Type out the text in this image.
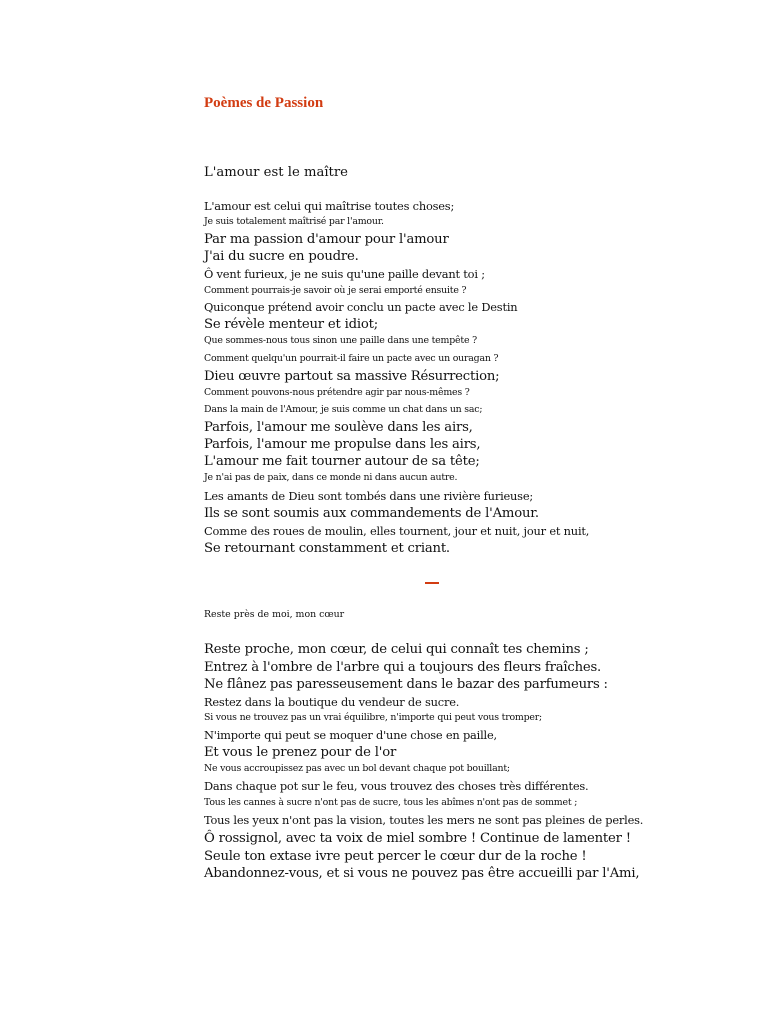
Poèmes de Passion
L'amour est le maître
L'amour est celui qui maîtrise toutes choses;
Je suis totalement maîtrisé par l'amour.
Par ma passion d'amour pour l'amour
J'ai du sucre en poudre.
Ô vent furieux, je ne suis qu'une paille devant toi ;
Comment pourrais-je savoir où je serai emporté ensuite ?
Quiconque prétend avoir conclu un pacte avec le Destin
Se révèle menteur et idiot;
Que sommes-nous tous sinon une paille dans une tempête ?
Comment quelqu'un pourrait-il faire un pacte avec un ouragan ?
Dieu œuvre partout sa massive Résurrection;
Comment pouvons-nous prétendre agir par nous-mêmes ?
Dans la main de l'Amour, je suis comme un chat dans un sac;
Parfois, l'amour me soulève dans les airs,
Parfois, l'amour me propulse dans les airs,
L'amour me fait tourner autour de sa tête;
Je n'ai pas de paix, dans ce monde ni dans aucun autre.
Les amants de Dieu sont tombés dans une rivière furieuse;
Ils se sont soumis aux commandements de l'Amour.
Comme des roues de moulin, elles tournent, jour et nuit, jour et nuit,
Se retournant constamment et criant.
Reste près de moi, mon cœur
Reste proche, mon cœur, de celui qui connaît tes chemins ;
Entrez à l'ombre de l'arbre qui a toujours des fleurs fraîches.
Ne flânez pas paresseusement dans le bazar des parfumeurs :
Restez dans la boutique du vendeur de sucre.
Si vous ne trouvez pas un vrai équilibre, n'importe qui peut vous tromper;
N'importe qui peut se moquer d'une chose en paille,
Et vous le prenez pour de l'or
Ne vous accroupissez pas avec un bol devant chaque pot bouillant;
Dans chaque pot sur le feu, vous trouvez des choses très différentes.
Tous les cannes à sucre n'ont pas de sucre, tous les abîmes n'ont pas de sommet ;
Tous les yeux n'ont pas la vision, toutes les mers ne sont pas pleines de perles.
Ô rossignol, avec ta voix de miel sombre ! Continue de lamenter !
Seule ton extase ivre peut percer le cœur dur de la roche !
Abandonnez-vous, et si vous ne pouvez pas être accueilli par l'Ami,
